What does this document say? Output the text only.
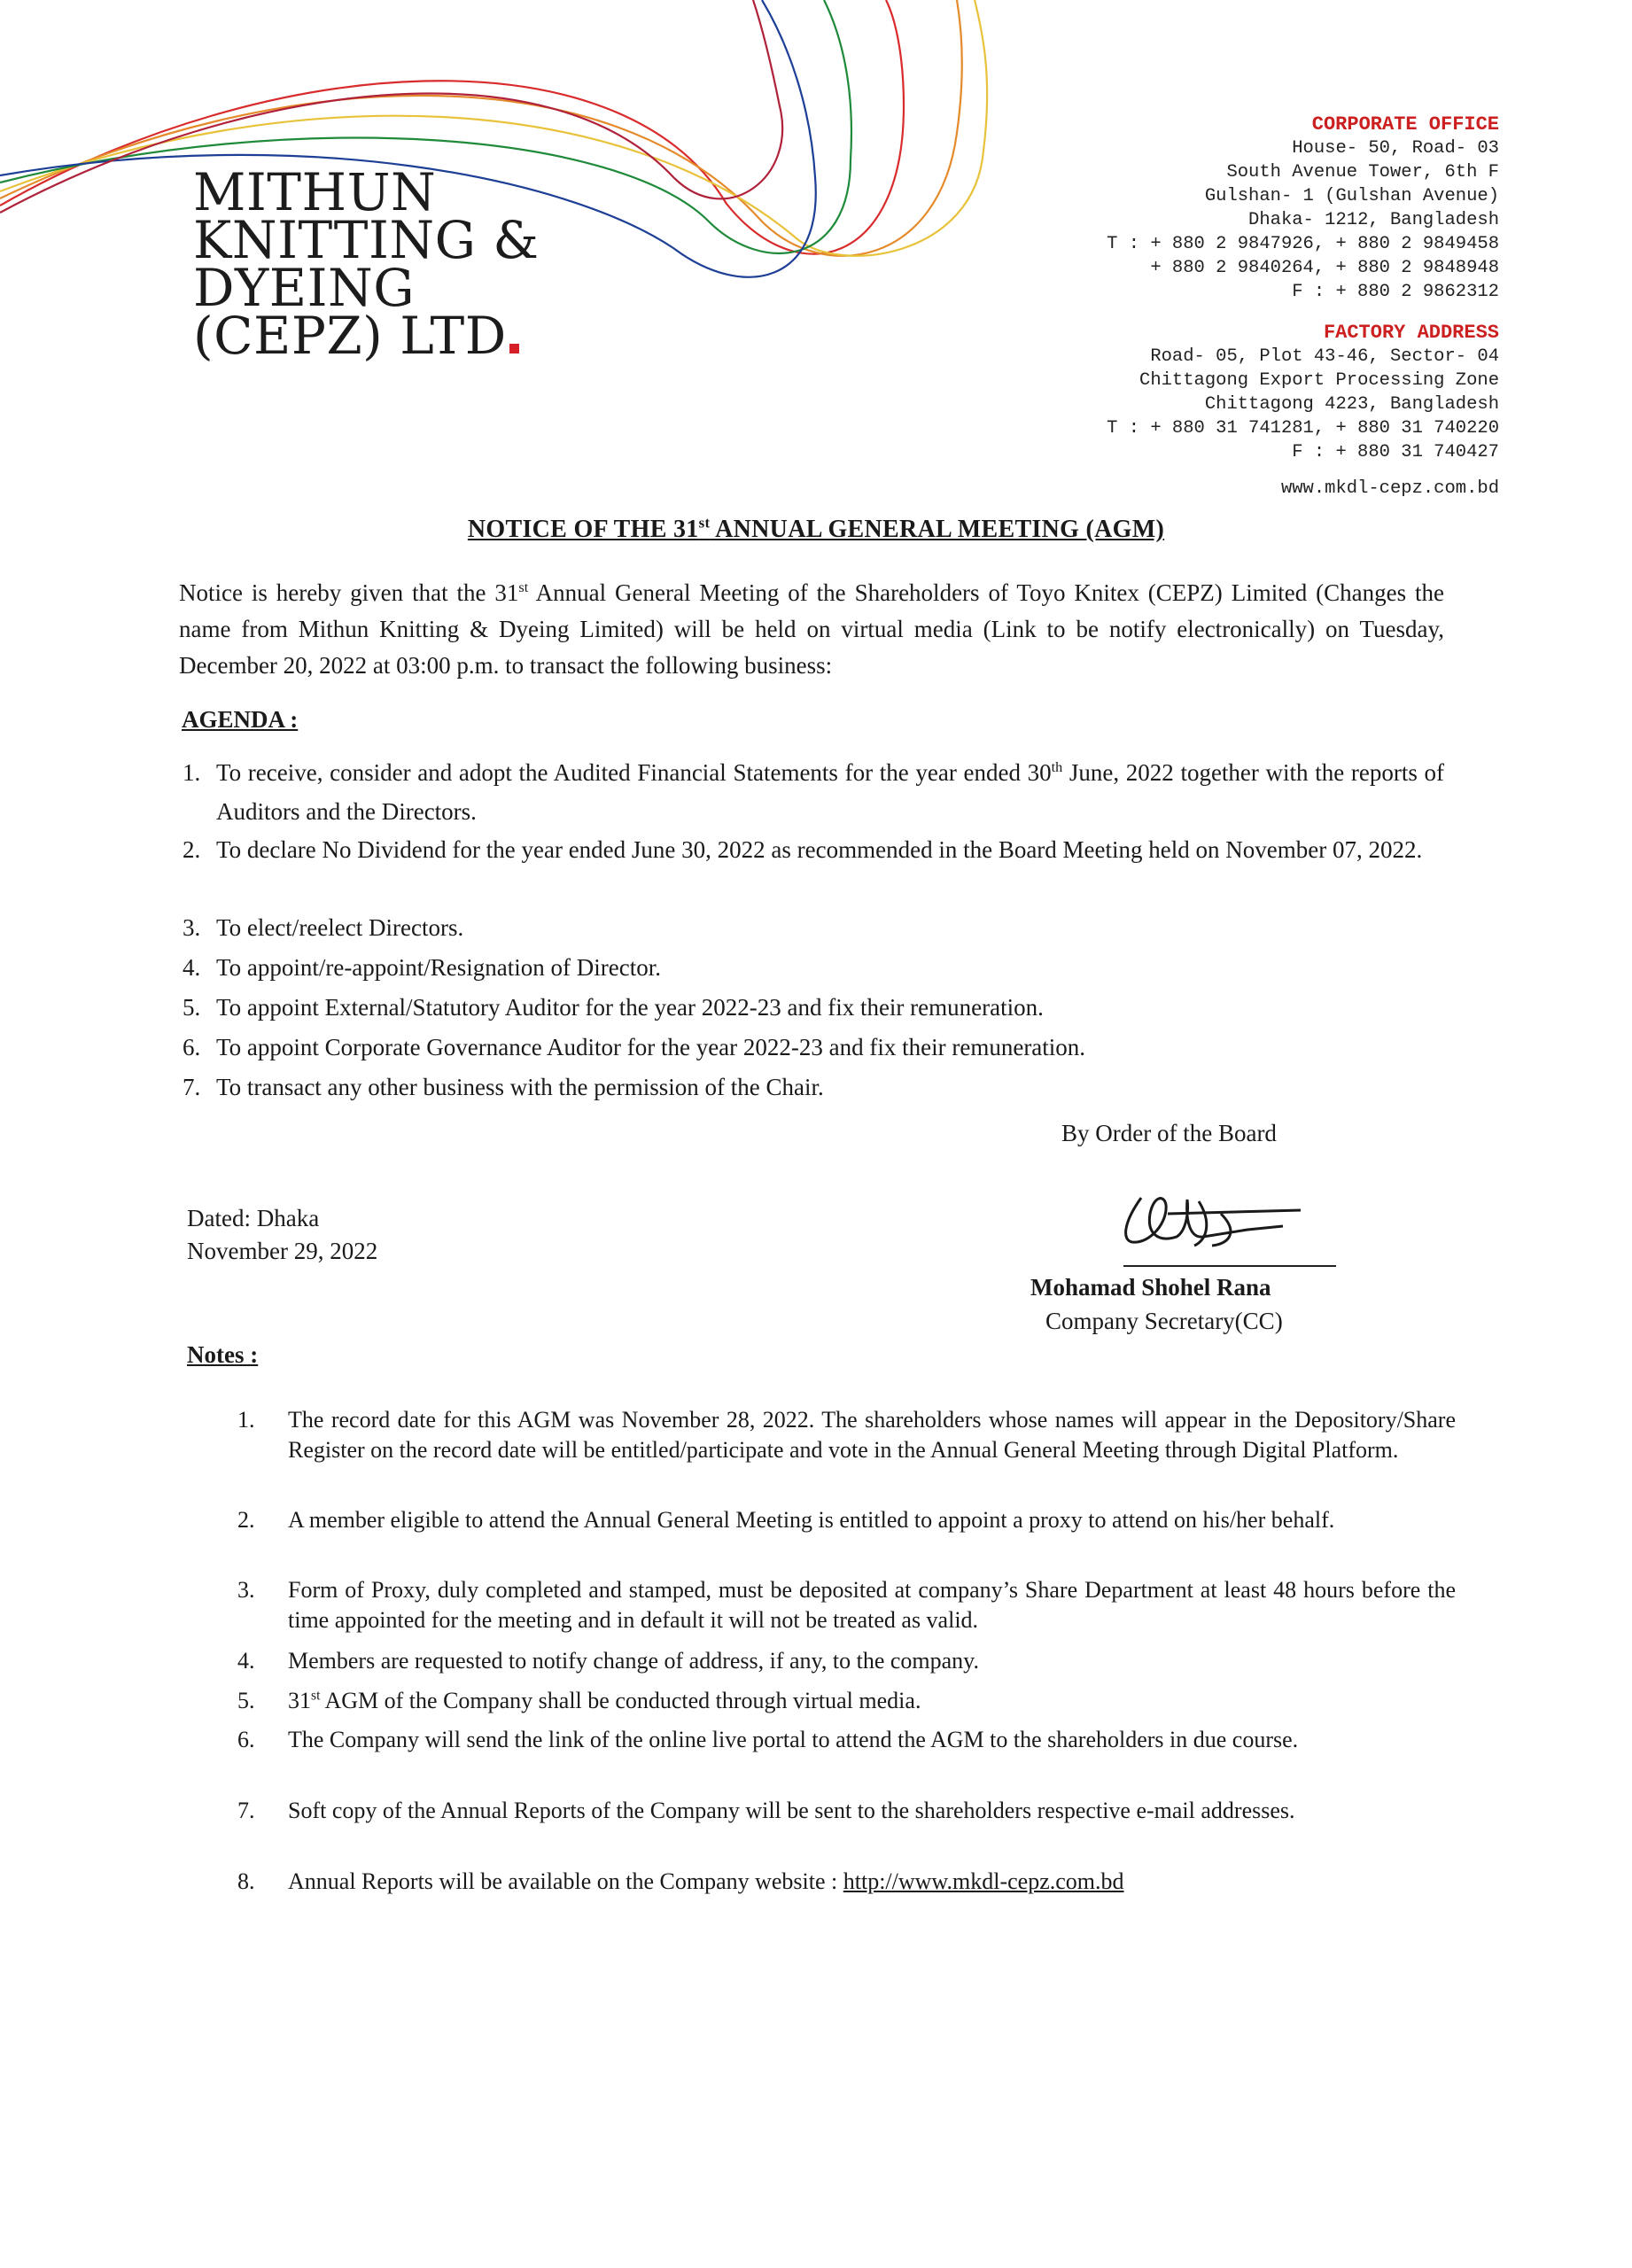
MITHUN
KNITTING &
DYEING
(CEPZ) LTD
CORPORATE OFFICE
House- 50, Road- 03
South Avenue Tower, 6th F
Gulshan- 1 (Gulshan Avenue)
Dhaka- 1212, Bangladesh
T : + 880 2 9847926, + 880 2 9849458
+ 880 2 9840264, + 880 2 9848948
F : + 880 2 9862312
FACTORY ADDRESS
Road- 05, Plot 43-46, Sector- 04
Chittagong Export Processing Zone
Chittagong 4223, Bangladesh
T : + 880 31 741281, + 880 31 740220
F : + 880 31 740427
www.mkdl-cepz.com.bd
NOTICE OF THE 31st ANNUAL GENERAL MEETING (AGM)
Notice is hereby given that the 31st Annual General Meeting of the Shareholders of Toyo Knitex (CEPZ) Limited (Changes the name from Mithun Knitting & Dyeing Limited) will be held on virtual media (Link to be notify electronically) on Tuesday, December 20, 2022 at 03:00 p.m. to transact the following business:
AGENDA :
1. To receive, consider and adopt the Audited Financial Statements for the year ended 30th June, 2022 together with the reports of Auditors and the Directors.
2. To declare No Dividend for the year ended June 30, 2022 as recommended in the Board Meeting held on November 07, 2022.
3. To elect/reelect Directors.
4. To appoint/re-appoint/Resignation of Director.
5. To appoint External/Statutory Auditor for the year 2022-23 and fix their remuneration.
6. To appoint Corporate Governance Auditor for the year 2022-23 and fix their remuneration.
7. To transact any other business with the permission of the Chair.
By Order of the Board
Dated: Dhaka
November 29, 2022
Mohamad Shohel Rana
Company Secretary(CC)
Notes :
1. The record date for this AGM was November 28, 2022. The shareholders whose names will appear in the Depository/Share Register on the record date will be entitled/participate and vote in the Annual General Meeting through Digital Platform.
2. A member eligible to attend the Annual General Meeting is entitled to appoint a proxy to attend on his/her behalf.
3. Form of Proxy, duly completed and stamped, must be deposited at company’s Share Department at least 48 hours before the time appointed for the meeting and in default it will not be treated as valid.
4. Members are requested to notify change of address, if any, to the company.
5. 31st AGM of the Company shall be conducted through virtual media.
6. The Company will send the link of the online live portal to attend the AGM to the shareholders in due course.
7. Soft copy of the Annual Reports of the Company will be sent to the shareholders respective e-mail addresses.
8. Annual Reports will be available on the Company website : http://www.mkdl-cepz.com.bd
